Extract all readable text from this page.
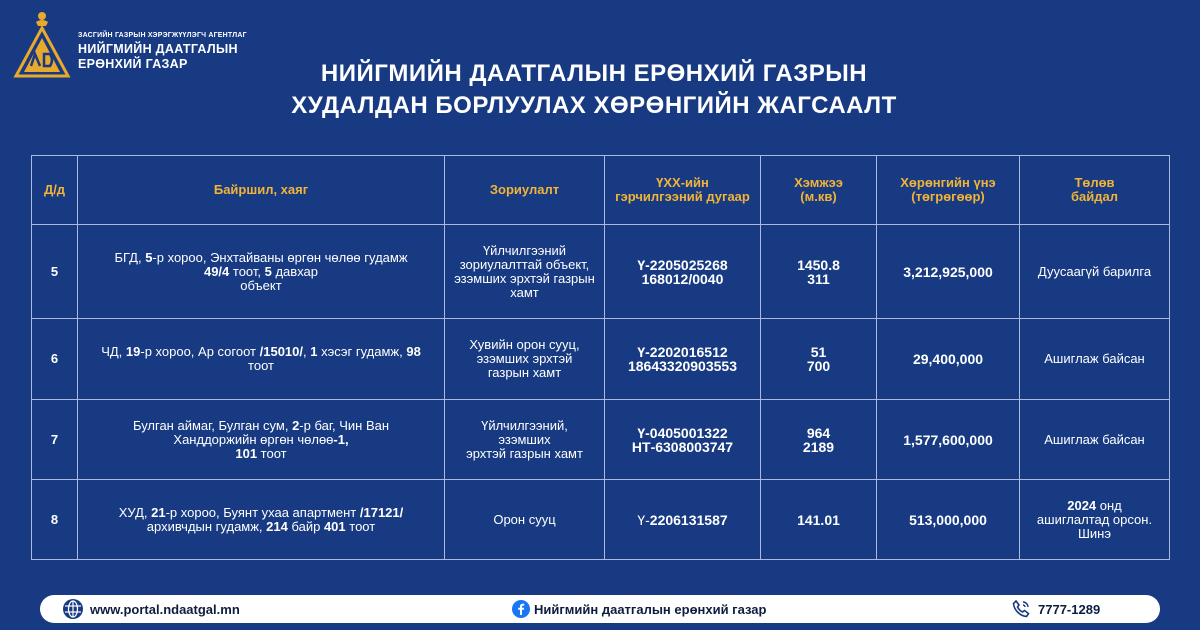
ЗАСГИЙН ГАЗРЫН ХЭРЭГЖҮҮЛЭГЧ АГЕНТЛАГ
НИЙГМИЙН ДААТГАЛЫН
ЕРӨНХИЙ ГАЗАР	НИЙГМИЙН ДААТГАЛЫН ЕРӨНХИЙ ГАЗРЫН
ХУДАЛДАН БОРЛУУЛАХ ХӨРӨНГИЙН ЖАГСААЛТ
Д/д	Байршил, хаяг	Зориулалт	ҮХХ-ийн
гэрчилгээний дугаар	Хэмжээ
(м.кв)	Хөрөнгийн үнэ
(төгрөгөөр)	Төлөв
байдал

5	БГД, 5-р хороо, Энхтайваны өргөн чөлөө гудамж
49/4 тоот, 5 давхар
объект	Үйлчилгээний
зориулалттай объект,
эзэмших эрхтэй газрын
хамт	Ү-2205025268
168012/0040	1450.8
311	3,212,925,000	Дуусаагүй барилга
6	ЧД, 19-р хороо, Ар согоот /15010/, 1 хэсэг гудамж, 98
тоот	Хувийн орон сууц,
эзэмших эрхтэй
газрын хамт	Ү-2202016512
18643320903553	51
700	29,400,000	Ашиглаж байсан
7	Булган аймаг, Булган сум, 2-р баг, Чин Ван
Ханддоржийн өргөн чөлөө-1,
101 тоот	Үйлчилгээний,
эзэмших
эрхтэй газрын хамт	Ү-0405001322
НТ-6308003747	964
2189	1,577,600,000	Ашиглаж байсан
8	ХУД, 21-р хороо, Буянт ухаа апартмент /17121/
архивчдын гудамж, 214 байр 401 тоот	Орон сууц	Ү-2206131587	141.01	513,000,000	2024 онд
ашиглалтад орсон.
Шинэ
www.portal.ndaatgal.mn	Нийгмийн даатгалын ерөнхий газар	7777-1289
